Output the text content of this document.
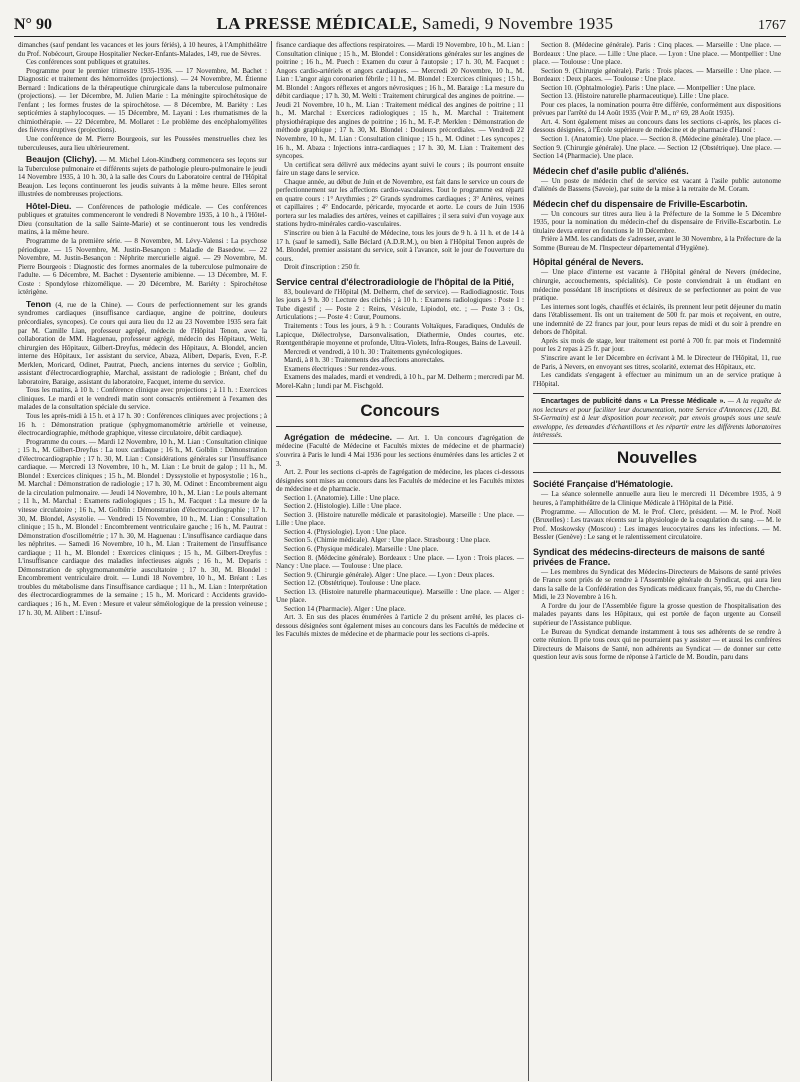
N° 90	LA PRESSE MÉDICALE, Samedi, 9 Novembre 1935	1767

dimanches (sauf pendant les vacances et les jours fériés), à 10 heures, à l'Amphithéâtre du Prof. Nobécourt, Groupe Hospitalier Necker-Enfants-Malades, 149, rue de Sèvres.

Ces conférences sont publiques et gratuites.

Programme pour le premier trimestre 1935-1936. — 17 Novembre, M. Bachet : Diagnostic et traitement des hémorroïdes (projections). — 24 Novembre, M. Étienne Bernard : Indications de la thérapeutique chirurgicale dans la tuberculose pulmonaire (projections). — 1er Décembre, M. Julien Marie : La méningite spirochétosique de l'enfant ; les formes frustes de la spirochétose. — 8 Décembre, M. Bariéty : Les septicémies à staphylocoques. — 15 Décembre, M. Layani : Les rhumatismes de la chimiothérapie. — 22 Décembre, M. Mollaret : Le problème des encéphalomyélites des fièvres éruptives (projections).

Une conférence de M. Pierre Bourgeois, sur les Poussées menstruelles chez les tuberculeuses, aura lieu ultérieurement.

Beaujon (Clichy). — M. Michel Léon-Kindberg commencera ses leçons sur la Tuberculose pulmonaire et différents sujets de pathologie pleuro-pulmonaire le jeudi 14 Novembre 1935, à 10 h. 30, à la salle des Cours du Laboratoire central de l'Hôpital Beaujon. Les leçons continueront les jeudis suivants à la même heure. Elles seront illustrées de nombreuses projections.

Hôtel-Dieu. — Conférences de pathologie médicale. — Ces conférences publiques et gratuites commenceront le vendredi 8 Novembre 1935, à 10 h., à l'Hôtel-Dieu (consultation de la salle Sainte-Marie) et se continueront tous les vendredis matins, à la même heure.

Programme de la première série. — 8 Novembre, M. Lévy-Valensi : La psychose périodique. — 15 Novembre, M. Justin-Besançon : Maladie de Basedow. — 22 Novembre, M. Justin-Besançon : Néphrite mercurielle aiguë. — 29 Novembre, M. Pierre Bourgeois : Diagnostic des formes anormales de la tuberculose pulmonaire de l'adulte. — 6 Décembre, M. Bachet : Dysenterie amibienne. — 13 Décembre, M. F. Coste : Spondylose rhizomélique. — 20 Décembre, M. Bariéty : Spirochétose ictérigène.

Tenon (4, rue de la Chine). — Cours de perfectionnement sur les grands syndromes cardiaques (insuffisance cardiaque, angine de poitrine, douleurs précordiales, syncopes). Ce cours qui aura lieu du 12 au 23 Novembre 1935 sera fait par M. Camille Lian, professeur agrégé, médecin de l'Hôpital Tenon, avec la collaboration de MM. Haguenau, professeur agrégé, médecin des Hôpitaux, Welti, chirurgien des Hôpitaux, Gilbert-Dreyfus, médecin des Hôpitaux, A. Blondel, ancien interne des Hôpitaux, 1er assistant du service, Abaza, Alibert, Deparis, Even, F.-P. Merklen, Moricard, Odinet, Pautrat, Puech, anciens internes du service ; Golblin, assistant d'électrocardiographie, Marchal, assistant de radiologie ; Bréant, chef du laboratoire, Baraige, assistant du laboratoire, Facquet, interne du service.

Tous les matins, à 10 h. : Conférence clinique avec projections ; à 11 h. : Exercices cliniques. Le mardi et le vendredi matin sont consacrés entièrement à l'examen des malades de la consultation spéciale du service.

Tous les après-midi à 15 h. et à 17 h. 30 : Conférences cliniques avec projections ; à 16 h. : Démonstration pratique (sphygmomanométrie artérielle et veineuse, électrocardiographie, méthode graphique, vitesse circulatoire, débit cardiaque).

Programme du cours. — Mardi 12 Novembre, 10 h., M. Lian : Consultation clinique ; 15 h., M. Gilbert-Dreyfus : La toux cardiaque ; 16 h., M. Golblin : Démonstration d'électrocardiographie ; 17 h. 30, M. Lian : Considérations générales sur l'insuffisance cardiaque. — Mercredi 13 Novembre, 10 h., M. Lian : Le bruit de galop ; 11 h., M. Blondel : Exercices cliniques ; 15 h., M. Blondel : Dyssystolie et hyposystolie ; 16 h., M. Marchal : Démonstration de radiologie ; 17 h. 30, M. Odinet : Encombrement aigu de la circulation pulmonaire. — Jeudi 14 Novembre, 10 h., M. Lian : Le pouls alternant ; 11 h., M. Marchal : Examens radiologiques ; 15 h., M. Facquet : La mesure de la vitesse circulatoire ; 16 h., M. Golblin : Démonstration d'électrocardiographie ; 17 h. 30, M. Blondel, Asystolie. — Vendredi 15 Novembre, 10 h., M. Lian : Consultation clinique ; 15 h., M. Blondel : Encombrement ventriculaire gauche ; 16 h., M. Pautrat : Démonstration d'oscillométrie ; 17 h. 30, M. Haguenau : L'insuffisance cardiaque dans les néphrites. — Samedi 16 Novembre, 10 h., M. Lian : Traitement de l'insuffisance cardiaque ; 11 h., M. Blondel : Exercices cliniques ; 15 h., M. Gilbert-Dreyfus : L'insuffisance cardiaque des maladies infectieuses aiguës ; 16 h., M. Deparis : Démonstration de sphygmomanométrie auscultatoire ; 17 h. 30, M. Blondel : Encombrement ventriculaire droit. — Lundi 18 Novembre, 10 h., M. Bréant : Les troubles du métabolisme dans l'insuffisance cardiaque ; 11 h., M. Lian : Interprétation des électrocardiogrammes de la semaine ; 15 h., M. Moricard : Accidents gravido-cardiaques ; 16 h., M. Even : Mesure et valeur séméiologique de la pression veineuse ; 17 h. 30, M. Alibert : L'insuf-

fisance cardiaque des affections respiratoires. — Mardi 19 Novembre, 10 h., M. Lian : Consultation clinique ; 15 h., M. Blondel : Considérations générales sur les angines de poitrine ; 16 h., M. Puech : Examen du cœur à l'autopsie ; 17 h. 30, M. Facquet : Angors cardio-artériels et angors cardiaques. — Mercredi 20 Novembre, 10 h., M. Lian : L'angor aigu coronarien fébrile ; 11 h., M. Blondel : Exercices cliniques ; 15 h., M. Blondel : Angors réflexes et angors névrosiques ; 16 h., M. Baraige : La mesure du débit cardiaque ; 17 h. 30, M. Welti : Traitement chirurgical des angines de poitrine. — Jeudi 21 Novembre, 10 h., M. Lian : Traitement médical des angines de poitrine ; 11 h., M. Marchal : Exercices radiologiques ; 15 h., M. Marchal : Traitement physiothérapique des angines de poitrine ; 16 h., M. F.-P. Merklen : Démonstration de méthode graphique ; 17 h. 30, M. Blondel : Douleurs précordiales. — Vendredi 22 Novembre, 10 h., M. Lian : Consultation clinique ; 15 h., M. Odinet : Les syncopes ; 16 h., M. Abaza : Injections intra-cardiaques ; 17 h. 30, M. Lian : Traitement des syncopes.

Un certificat sera délivré aux médecins ayant suivi le cours ; ils pourront ensuite faire un stage dans le service.

Chaque année, au début de Juin et de Novembre, est fait dans le service un cours de perfectionnement sur les affections cardio-vasculaires. Tout le programme est réparti en quatre cours : 1° Arythmies ; 2° Grands syndromes cardiaques ; 3° Artères, veines et capillaires ; 4° Endocarde, péricarde, myocarde et aorte. Le cours de Juin 1936 portera sur les maladies des artères, veines et capillaires ; il sera suivi d'un voyage aux stations hydro-minérales cardio-vasculaires.

S'inscrire ou bien à la Faculté de Médecine, tous les jours de 9 h. à 11 h. et de 14 à 17 h. (sauf le samedi), Salle Béclard (A.D.R.M.), ou bien à l'Hôpital Tenon auprès de M. Blondel, premier assistant du service, soit à l'avance, soit le jour de l'ouverture du cours.

Droit d'inscription : 250 fr.

Service central d'électroradiologie de l'hôpital de la Pitié,

83, boulevard de l'Hôpital (M. Delherm, chef de service). — Radiodiagnostic. Tous les jours à 9 h. 30 : Lecture des clichés ; à 10 h. : Examens radiologiques : Poste 1 : Tube digestif ; — Poste 2 : Reins, Vésicule, Lipiodol, etc. ; — Poste 3 : Os, Articulations ; — Poste 4 : Cœur, Poumons.

Traitements : Tous les jours, à 9 h. : Courants Voltaïques, Faradiques, Ondulés de Lapicque, Diélectrolyse, Darsonvalisation, Diathermie, Ondes courtes, etc. Rœntgenthérapie moyenne et profonde, Ultra-Violets, Infra-Rouges, Bains de Laveuil.

Mercredi et vendredi, à 10 h. 30 : Traitements gynécologiques.

Mardi, à 8 h. 30 : Traitements des affections anorectales.

Examens électriques : Sur rendez-vous.

Examens des malades, mardi et vendredi, à 10 h., par M. Delherm ; mercredi par M. Morel-Kahn ; lundi par M. Fischgold.

Concours

Agrégation de médecine. — Art. 1. Un concours d'agrégation de médecine (Faculté de Médecine et Facultés mixtes de médecine et de pharmacie) s'ouvrira à Paris le lundi 4 Mai 1936 pour les sections énumérées dans les articles 2 et 3.

Art. 2. Pour les sections ci-après de l'agrégation de médecine, les places ci-dessous désignées sont mises au concours dans les Facultés de médecine et les Facultés mixtes de médecine et de pharmacie.

Section 1. (Anatomie). Lille : Une place.

Section 2. (Histologie). Lille : Une place.

Section 3. (Histoire naturelle médicale et parasitologie). Marseille : Une place. — Lille : Une place.

Section 4. (Physiologie). Lyon : Une place.

Section 5. (Chimie médicale). Alger : Une place. Strasbourg : Une place.

Section 6. (Physique médicale). Marseille : Une place.

Section 8. (Médecine générale). Bordeaux : Une place. — Lyon : Trois places. — Nancy : Une place. — Toulouse : Une place.

Section 9. (Chirurgie générale). Alger : Une place. — Lyon : Deux places.

Section 12. (Obstétrique). Toulouse : Une place.

Section 13. (Histoire naturelle pharmaceutique). Marseille : Une place. — Alger : Une place.

Section 14 (Pharmacie). Alger : Une place.

Art. 3. En sus des places énumérées à l'article 2 du présent arrêté, les places ci-dessous désignées sont également mises au concours dans les Facultés de médecine et les Facultés mixtes de médecine et de pharmacie pour les sections ci-après.

Section 8. (Médecine générale). Paris : Cinq places. — Marseille : Une place. — Bordeaux : Une place. — Lille : Une place. — Lyon : Une place. — Montpellier : Une place. — Toulouse : Une place.

Section 9. (Chirurgie générale). Paris : Trois places. — Marseille : Une place. — Bordeaux : Deux places. — Toulouse : Une place.

Section 10. (Ophtalmologie). Paris : Une place. — Montpellier : Une place.

Section 13. (Histoire naturelle pharmaceutique). Lille : Une place.

Pour ces places, la nomination pourra être différée, conformément aux dispositions prévues par l'arrêté du 14 Août 1935 (Voir P. M., n° 69, 28 Août 1935).

Art. 4. Sont également mises au concours dans les sections ci-après, les places ci-dessous désignées, à l'École supérieure de médecine et de pharmacie d'Hanoï :

Section 1. (Anatomie). Une place. — Section 8. (Médecine générale). Une place. — Section 9. (Chirurgie générale). Une place. — Section 12 (Obstétrique). Une place. — Section 14 (Pharmacie). Une place.

Médecin chef d'asile public d'aliénés.

— Un poste de médecin chef de service est vacant à l'asile public autonome d'aliénés de Bassens (Savoie), par suite de la mise à la retraite de M. Coram.

Médecin chef du dispensaire de Friville-Escarbotin.

— Un concours sur titres aura lieu à la Préfecture de la Somme le 5 Décembre 1935, pour la nomination du médecin-chef du dispensaire de Friville-Escarbotin. Le titulaire devra entrer en fonctions le 10 Décembre.

Prière à MM. les candidats de s'adresser, avant le 30 Novembre, à la Préfecture de la Somme (Bureau de M. l'Inspecteur départemental d'Hygiène).

Hôpital général de Nevers.

— Une place d'interne est vacante à l'Hôpital général de Nevers (médecine, chirurgie, accouchements, spécialités). Ce poste conviendrait à un étudiant en médecine possédant 18 inscriptions et désireux de se perfectionner au point de vue pratique.

Les internes sont logés, chauffés et éclairés, ils prennent leur petit déjeuner du matin dans l'établissement. Ils ont un traitement de 500 fr. par mois et reçoivent, en outre, une indemnité de 22 francs par jour, pour leurs repas de midi et du soir à prendre en dehors de l'hôpital.

Après six mois de stage, leur traitement est porté à 700 fr. par mois et l'indemnité pour les 2 repas à 25 fr. par jour.

S'inscrire avant le 1er Décembre en écrivant à M. le Directeur de l'Hôpital, 11, rue de Paris, à Nevers, en envoyant ses titres, scolarité, externat des Hôpitaux, etc.

Les candidats s'engagent à effectuer au minimum un an de service pratique à l'Hôpital.

Encartages de publicité dans « La Presse Médicale ». — A la requête de nos lecteurs et pour faciliter leur documentation, notre Service d'Annonces (120, Bd. St-Germain) est à leur disposition pour recevoir, par envois groupés sous une seule enveloppe, les demandes d'échantillons et les répartir entre les différents laboratoires intéressés.

Nouvelles
Société Française d'Hématologie.

— La séance solennelle annuelle aura lieu le mercredi 11 Décembre 1935, à 9 heures, à l'amphithéâtre de la Clinique Médicale à l'Hôpital de la Pitié.

Programme. — Allocution de M. le Prof. Clerc, président. — M. le Prof. Noël (Bruxelles) : Les travaux récents sur la physiologie de la coagulation du sang. — M. le Prof. Moskowsky (Moscou) : Les images leucocytaires dans les infections. — M. Bessler (Genève) : Le sang et le ralentissement circulatoire.

Syndicat des médecins-directeurs de maisons de santé privées de France.

— Les membres du Syndicat des Médecins-Directeurs de Maisons de santé privées de France sont priés de se rendre à l'Assemblée générale du Syndicat, qui aura lieu dans la salle de la Confédération des Syndicats médicaux français, 95, rue du Cherche-Midi, le 23 Novembre à 16 h.

A l'ordre du jour de l'Assemblée figure la grosse question de l'hospitalisation des malades payants dans les Hôpitaux, qui est portée de façon urgente au Conseil supérieur de l'Assistance publique.

Le Bureau du Syndicat demande instamment à tous ses adhérents de se rendre à cette réunion. Il prie tous ceux qui ne pourraient pas y assister — et aussi les confrères Directeurs de Maisons de Santé, non adhérents au Syndicat — de donner sur cette question leur avis sous forme de réponse à l'article de M. Boudin, paru dans
